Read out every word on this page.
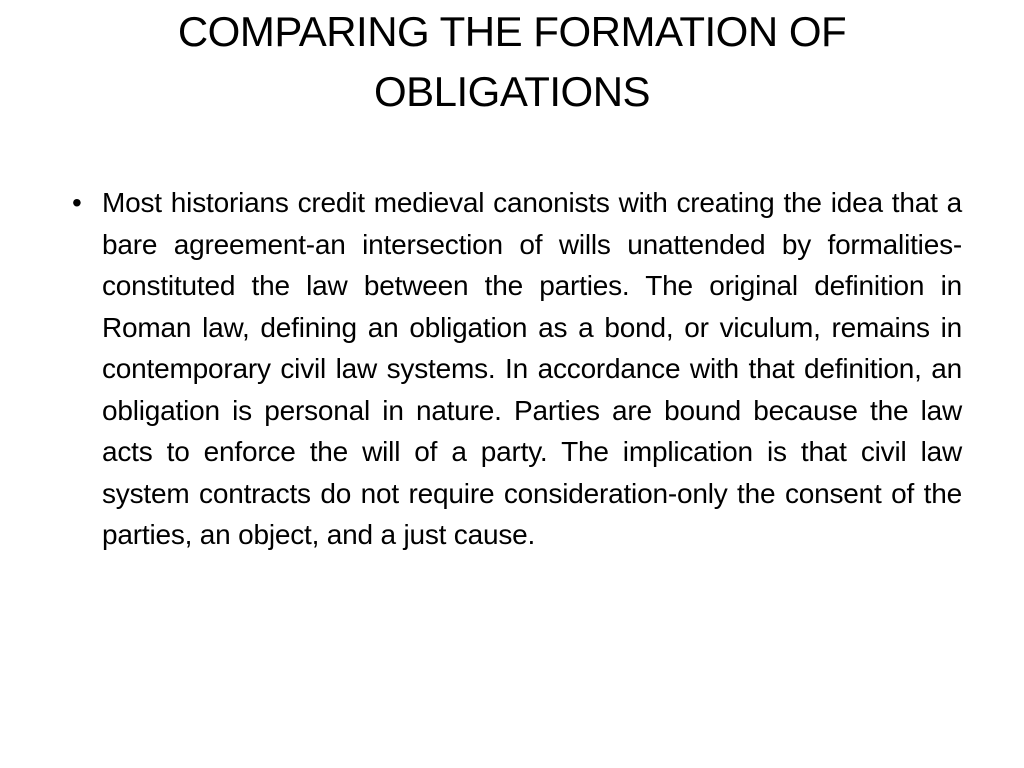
COMPARING THE FORMATION OF OBLIGATIONS
• Most historians credit medieval canonists with creating the idea that a bare agreement-an intersection of wills unattended by formalities-constituted the law between the parties. The original definition in Roman law, defining an obligation as a bond, or viculum, remains in contemporary civil law systems. In accordance with that definition, an obligation is personal in nature. Parties are bound because the law acts to enforce the will of a party. The implication is that civil law system contracts do not require consideration-only the consent of the parties, an object, and a just cause.
